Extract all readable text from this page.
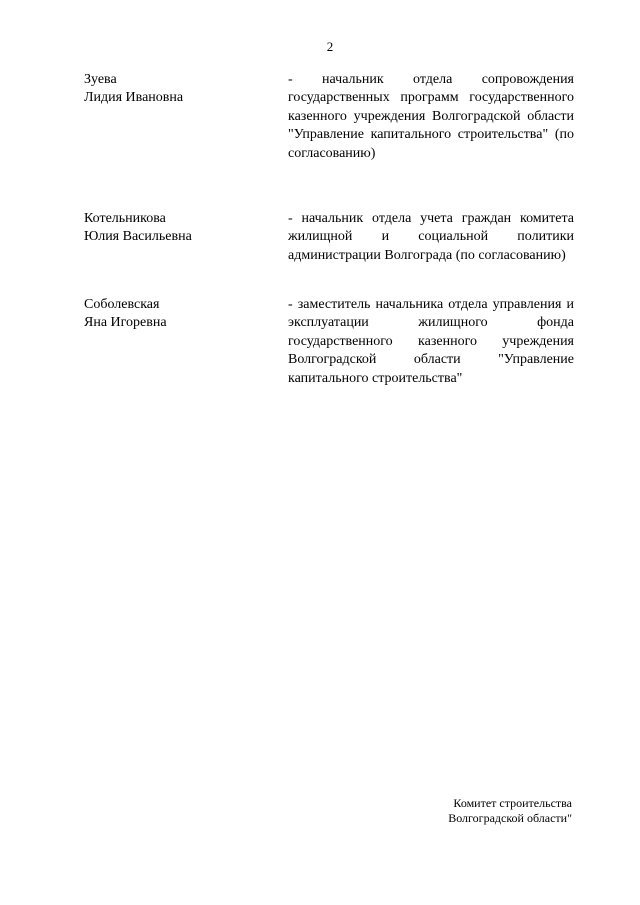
2
Зуева
Лидия Ивановна
- начальник отдела сопровождения государственных программ государственного казенного учреждения Волгоградской области "Управление капитального строительства" (по согласованию)
Котельникова
Юлия Васильевна
- начальник отдела учета граждан комитета жилищной и социальной политики администрации Волгограда (по согласованию)
Соболевская
Яна Игоревна
- заместитель начальника отдела управления и эксплуатации жилищного фонда государственного казенного учреждения Волгоградской области "Управление капитального строительства"
Комитет строительства
Волгоградской области"
